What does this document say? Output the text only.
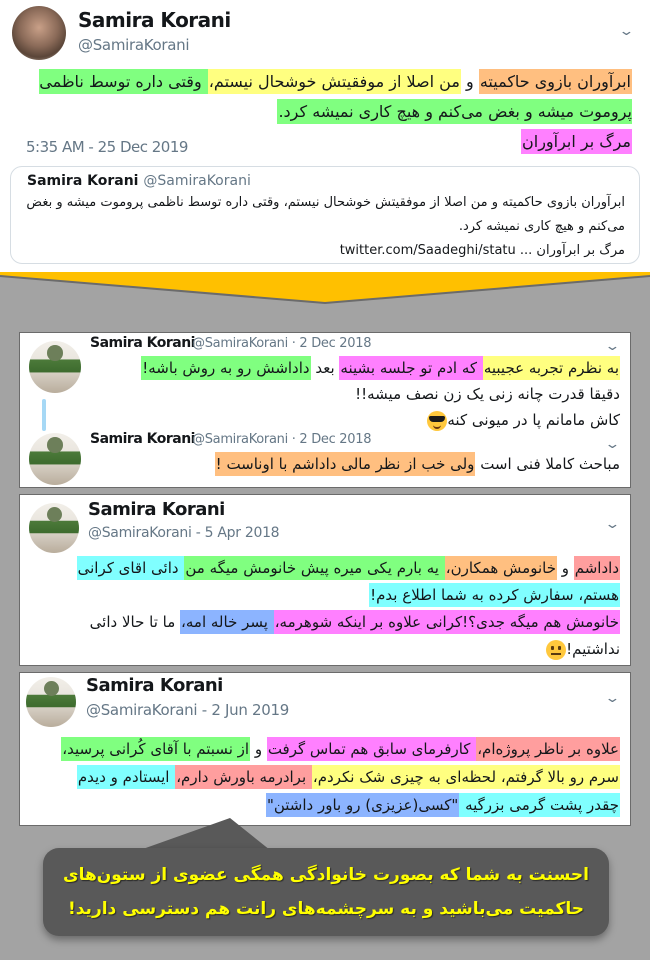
Samira Korani
@SamiraKorani
⌄
ابرآوران بازوی حاکمیته و من اصلا از موفقیتش خوشحال نیستم، وقتی داره توسط ناظمی پروموت میشه و بغض می‌کنم و هیچ کاری نمیشه کرد.
مرگ بر ابرآوران
5:35 AM - 25 Dec 2019
Samira Korani @SamiraKorani
ابرآوران بازوی حاکمیته و من اصلا از موفقیتش خوشحال نیستم، وقتی داره توسط ناظمی پروموت میشه و بغض می‌کنم و هیچ کاری نمیشه کرد.
مرگ بر ابرآوران ... twitter.com/Saadeghi/statu
Samira Korani
@SamiraKorani · 2 Dec 2018	⌄
به نظرم تجربه عجیبیه که ادم تو جلسه بشینه بعد داداشش رو به روش باشه!
دقیقا قدرت چانه زنی یک زن نصف میشه!!
کاش مامانم پا در میونی کنه
Samira Korani
@SamiraKorani · 2 Dec 2018	⌄
مباحث کاملا فنی است ولی خب از نظر مالی داداشم با اوناست !
Samira Korani
@SamiraKorani - 5 Apr 2018
⌄
داداشم و خانومش همکارن، یه بارم یکی میره پیش خانومش میگه من دائی اقای کرانی
هستم، سفارش کرده به شما اطلاع بدم!
خانومش هم میگه جدی؟!کرانی علاوه بر اینکه شوهرمه، پسر خاله امه، ما تا حالا دائی
نداشتیم!
Samira Korani
@SamiraKorani - 2 Jun 2019
⌄
علاوه بر ناظر پروژه‌ام، کارفرمای سابق هم تماس گرفت و از نسبتم با آقای کُرانی پرسید،
سرم رو بالا گرفتم، لحظه‌ای به چیزی شک نکردم، برادرمه باورش دارم، ایستادم و دیدم
چقدر پشت گرمی بزرگیه "کسی(عزیزی) رو باور داشتن"
احسنت به شما که بصورت خانوادگی همگی عضوی از ستون‌های
حاکمیت می‌باشید و به سرچشمه‌های رانت هم دسترسی دارید!
